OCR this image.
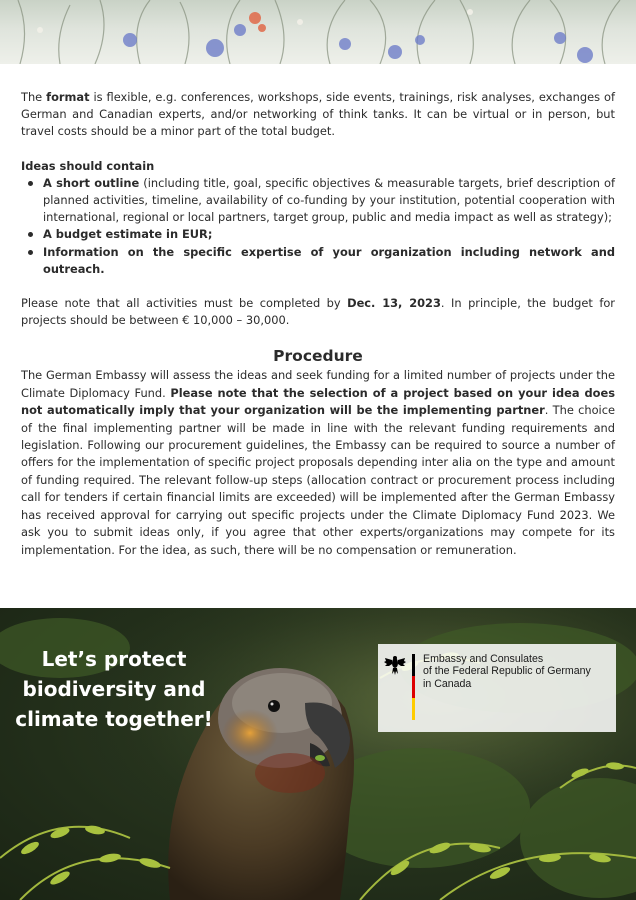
The format is flexible, e.g. conferences, workshops, side events, trainings, risk analyses, exchanges of German and Canadian experts, and/or networking of think tanks. It can be virtual or in person, but travel costs should be a minor part of the total budget.

Ideas should contain

A short outline (including title, goal, specific objectives & measurable targets, brief description of planned activities, timeline, availability of co-funding by your institution, potential cooperation with international, regional or local partners, target group, public and media impact as well as strategy);
A budget estimate in EUR;
Information on the specific expertise of your organization including network and outreach.

Please note that all activities must be completed by Dec. 13, 2023. In principle, the budget for projects should be between € 10,000 – 30,000.

Procedure

The German Embassy will assess the ideas and seek funding for a limited number of projects under the Climate Diplomacy Fund. Please note that the selection of a project based on your idea does not automatically imply that your organization will be the implementing partner. The choice of the final implementing partner will be made in line with the relevant funding requirements and legislation. Following our procurement guidelines, the Embassy can be required to source a number of offers for the implementation of specific project proposals depending inter alia on the type and amount of funding required. The relevant follow-up steps (allocation contract or procurement process including call for tenders if certain financial limits are exceeded) will be implemented after the German Embassy has received approval for carrying out specific projects under the Climate Diplomacy Fund 2023. We ask you to submit ideas only, if you agree that other experts/organizations may compete for its implementation. For the idea, as such, there will be no compensation or remuneration.

Let’s protect
biodiversity and
climate together!
Embassy and Consulates
of the Federal Republic of Germany
in Canada
